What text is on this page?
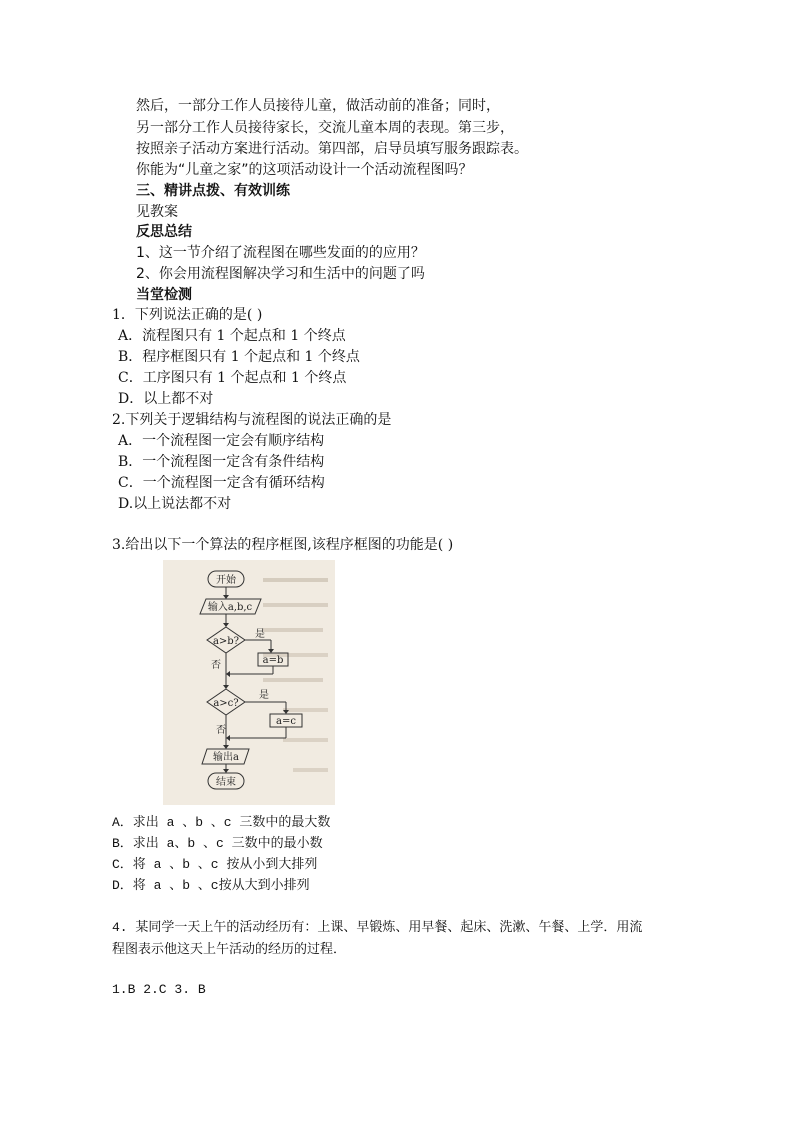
然后，一部分工作人员接待儿童，做活动前的准备；同时，
另一部分工作人员接待家长，交流儿童本周的表现。第三步，
按照亲子活动方案进行活动。第四部，启导员填写服务跟踪表。
你能为“儿童之家”的这项活动设计一个活动流程图吗？
三、精讲点拨、有效训练
见教案
反思总结
1、这一节介绍了流程图在哪些发面的的应用？
2、你会用流程图解决学习和生活中的问题了吗
当堂检测
1．下列说法正确的是( )
A．流程图只有 1 个起点和 1 个终点
B．程序框图只有 1 个起点和 1 个终点
C．工序图只有 1 个起点和 1 个终点
D．以上都不对
2.下列关于逻辑结构与流程图的说法正确的是
A．一个流程图一定会有顺序结构
B．一个流程图一定含有条件结构
C．一个流程图一定含有循环结构
D.以上说法都不对
3.给出以下一个算法的程序框图,该程序框图的功能是( )
开始
输入a,b,c
a>b?
是
a=b
否
a>c?
是
a=c
否
输出a
结束
A．求出 a 、b 、c 三数中的最大数
B．求出 a、b 、c 三数中的最小数
C．将 a 、b 、c 按从小到大排列
D．将 a 、b 、c按从大到小排列
4. 某同学一天上午的活动经历有：上课、早锻炼、用早餐、起床、洗漱、午餐、上学．用流
程图表示他这天上午活动的经历的过程．
1.B 2.C 3. B
